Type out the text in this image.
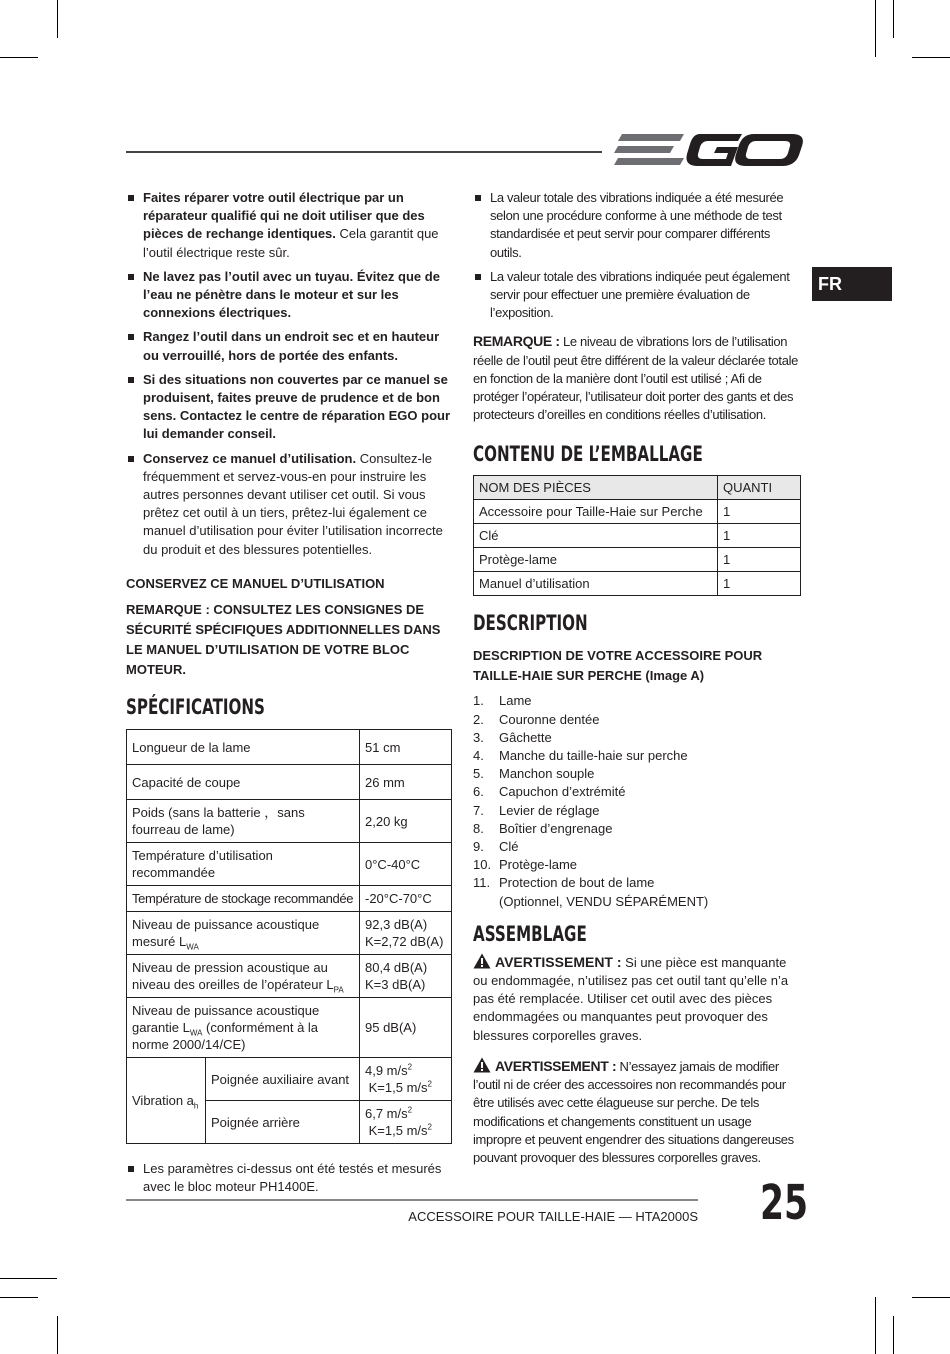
FR
Faites réparer votre outil électrique par un réparateur qualifié qui ne doit utiliser que des pièces de rechange identiques. Cela garantit que l’outil électrique reste sûr.
Ne lavez pas l’outil avec un tuyau. Évitez que de l’eau ne pénètre dans le moteur et sur les connexions électriques.
Rangez l’outil dans un endroit sec et en hauteur ou verrouillé, hors de portée des enfants.
Si des situations non couvertes par ce manuel se produisent, faites preuve de prudence et de bon sens. Contactez le centre de réparation EGO pour lui demander conseil.
Conservez ce manuel d’utilisation. Consultez-le fréquemment et servez-vous-en pour instruire les autres personnes devant utiliser cet outil. Si vous prêtez cet outil à un tiers, prêtez-lui également ce manuel d’utilisation pour éviter l’utilisation incorrecte du produit et des blessures potentielles.
CONSERVEZ CE MANUEL D’UTILISATION
REMARQUE : CONSULTEZ LES CONSIGNES DE SÉCURITÉ SPÉCIFIQUES ADDITIONNELLES DANS LE MANUEL D’UTILISATION DE VOTRE BLOC MOTEUR.
SPÉCIFICATIONS
Longueur de la lame		51 cm
Capacité de coupe		26 mm
Poids (sans la batterie ，sans fourreau de lame)		2,20 kg
Température d’utilisation recommandée		0°C-40°C
Température de stockage recommandée		-20°C-70°C
Niveau de puissance acoustique mesuré $L_{WA}$		92,3 dB(A)
K=2,72 dB(A)
Niveau de pression acoustique au niveau des oreilles de l’opérateur $L_{PA}$		80,4 dB(A)
K=3 dB(A)
Niveau de puissance acoustique garantie $L_{WA}$ (conformément à la norme 2000/14/CE)		95 dB(A)
Vibration $a_h$	Poignée auxiliaire avant	4,9 $m/s^2$
K=1,5 $m/s^2$
	Poignée arrière	6,7 $m/s^2$
K=1,5 $m/s^2$
Les paramètres ci-dessus ont été testés et mesurés avec le bloc moteur PH1400E.
La valeur totale des vibrations indiquée a été mesurée selon une procédure conforme à une méthode de test standardisée et peut servir pour comparer différents outils.
La valeur totale des vibrations indiquée peut également servir pour effectuer une première évaluation de l’exposition.
REMARQUE : Le niveau de vibrations lors de l’utilisation réelle de l’outil peut être différent de la valeur déclarée totale en fonction de la manière dont l’outil est utilisé ; Afi de protéger l’opérateur, l’utilisateur doit porter des gants et des protecteurs d’oreilles en conditions réelles d’utilisation.
CONTENU DE L’EMBALLAGE
NOM DES PIÈCES	QUANTI
Accessoire pour Taille-Haie sur Perche	1
Clé	1
Protège-lame	1
Manuel d’utilisation	1
DESCRIPTION
DESCRIPTION DE VOTRE ACCESSOIRE POUR TAILLE-HAIE SUR PERCHE (Image A)
1. Lame
2. Couronne dentée
3. Gâchette
4. Manche du taille-haie sur perche
5. Manchon souple
6. Capuchon d’extrémité
7. Levier de réglage
8. Boîtier d’engrenage
9. Clé
10. Protège-lame
11. Protection de bout de lame
(Optionnel, VENDU SÉPARÉMENT)
ASSEMBLAGE
AVERTISSEMENT : Si une pièce est manquante ou endommagée, n’utilisez pas cet outil tant qu’elle n’a pas été remplacée. Utiliser cet outil avec des pièces endommagées ou manquantes peut provoquer des blessures corporelles graves.
AVERTISSEMENT : N’essayez jamais de modifier l’outil ni de créer des accessoires non recommandés pour être utilisés avec cette élagueuse sur perche. De tels modifications et changements constituent un usage impropre et peuvent engendrer des situations dangereuses pouvant provoquer des blessures corporelles graves.
ACCESSOIRE POUR TAILLE-HAIE — HTA2000S 25
